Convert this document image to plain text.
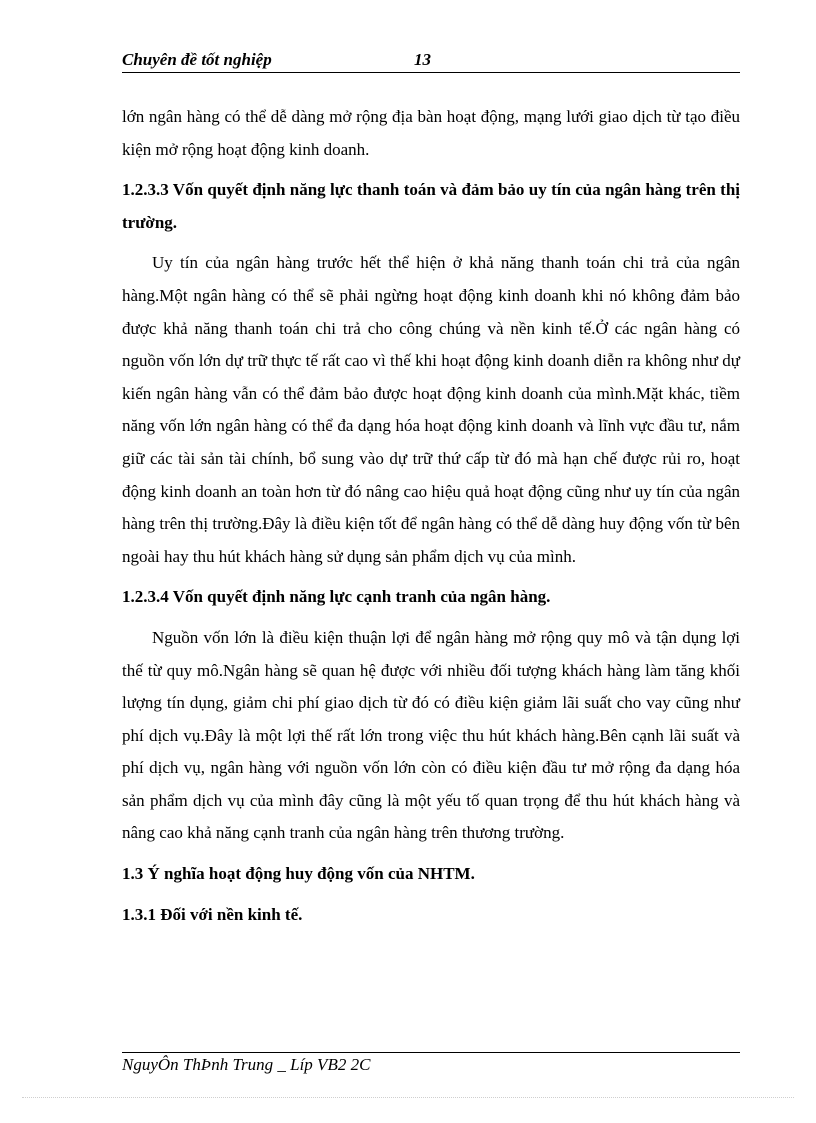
Chuyên đề tốt nghiệp	13

lớn ngân hàng có thể dễ dàng mở rộng địa bàn hoạt động, mạng lưới giao dịch từ tạo điều kiện mở rộng hoạt động kinh doanh.

1.2.3.3 Vốn quyết định năng lực thanh toán và đảm bảo uy tín của ngân hàng trên thị trường.

Uy tín của ngân hàng trước hết thể hiện ở khả năng thanh toán chi trả của ngân hàng.Một ngân hàng có thể sẽ phải ngừng hoạt động kinh doanh khi nó không đảm bảo được khả năng thanh toán chi trả cho công chúng và nền kinh tế.Ở các ngân hàng có nguồn vốn lớn dự trữ thực tế rất cao vì thế khi hoạt động kinh doanh diễn ra không như dự kiến ngân hàng vẫn có thể đảm bảo được hoạt động kinh doanh của mình.Mặt khác, tiềm năng vốn lớn ngân hàng có thể đa dạng hóa hoạt động kinh doanh và lĩnh vực đầu tư, nắm giữ các tài sản tài chính, bổ sung vào dự trữ thứ cấp từ đó mà hạn chế được rủi ro, hoạt động kinh doanh an toàn hơn từ đó nâng cao hiệu quả hoạt động cũng như uy tín của ngân hàng trên thị trường.Đây là điều kiện tốt để ngân hàng có thể dễ dàng huy động vốn từ bên ngoài hay thu hút khách hàng sử dụng sản phẩm dịch vụ của mình.

1.2.3.4 Vốn quyết định năng lực cạnh tranh của ngân hàng.

Nguồn vốn lớn là điều kiện thuận lợi để ngân hàng mở rộng quy mô và tận dụng lợi thế từ quy mô.Ngân hàng sẽ quan hệ được với nhiều đối tượng khách hàng làm tăng khối lượng tín dụng, giảm chi phí giao dịch từ đó có điều kiện giảm lãi suất cho vay cũng như phí dịch vụ.Đây là một lợi thế rất lớn trong việc thu hút khách hàng.Bên cạnh lãi suất và phí dịch vụ, ngân hàng với nguồn vốn lớn còn có điều kiện đầu tư mở rộng đa dạng hóa sản phẩm dịch vụ của mình đây cũng là một yếu tố quan trọng để thu hút khách hàng và nâng cao khả năng cạnh tranh của ngân hàng trên thương trường.

1.3 Ý nghĩa hoạt động huy động vốn của NHTM.

1.3.1 Đối với nền kinh tế.

NguyÔn ThÞnh Trung _ Líp VB2 2C
